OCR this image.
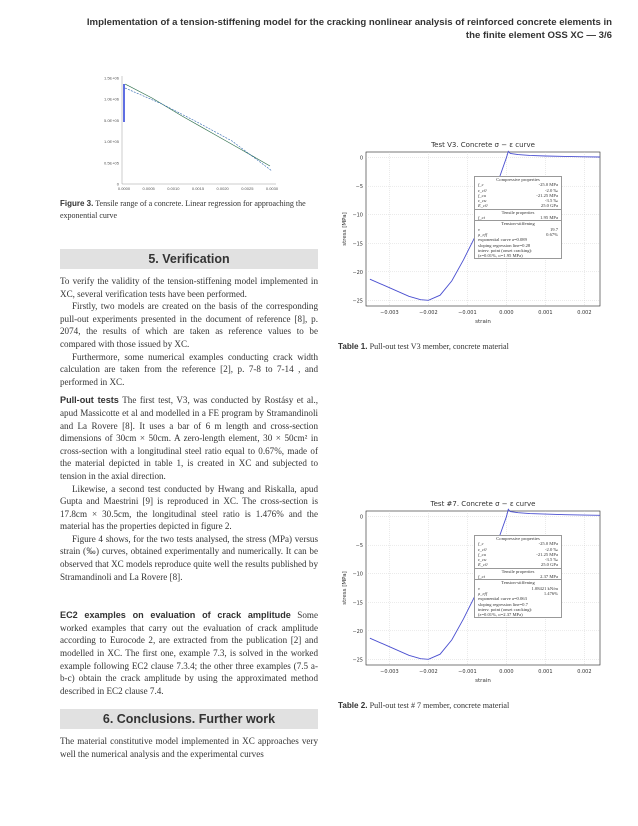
Implementation of a tension-stiffening model for the cracking nonlinear analysis of reinforced concrete elements in
the finite element OSS XC — 3/6
1.5E+06
1.0E+06
5.0E+05
1.0E+05
0.5E+05
0
0.0000	0.0005	0.0010	0.0015	0.0020	0.0025	0.0030
Figure 3. Tensile range of a concrete. Linear regression for approaching the exponential curve
5. Verification

To verify the validity of the tension-stiffening model implemented in XC, several verification tests have been performed.

Firstly, two models are created on the basis of the corresponding pull-out experiments presented in the document of reference [8], p. 2074, the results of which are taken as reference values to be compared with those issued by XC.

Furthermore, some numerical examples conducting crack width calculation are taken from the reference [2], p. 7-8 to 7-14 , and performed in XC.

Pull-out tests The first test, V3, was conducted by Rostásy et al., apud Massicotte et al and modelled in a FE program by Stramandinoli and La Rovere [8]. It uses a bar of 6 m length and cross-section dimensions of 30cm × 50cm. A zero-length element, 30 × 50cm² in cross-section with a longitudinal steel ratio equal to 0.67%, made of the material depicted in table 1, is created in XC and subjected to tension in the axial direction.

Likewise, a second test conducted by Hwang and Riskalla, apud Gupta and Maestrini [9] is reproduced in XC. The cross-section is 17.8cm × 30.5cm, the longitudinal steel ratio is 1.476% and the material has the properties depicted in figure 2.

Figure 4 shows, for the two tests analysed, the stress (MPa) versus strain (‰) curves, obtained experimentally and numerically. It can be observed that XC models reproduce quite well the results published by Stramandinoli and La Rovere [8].

EC2 examples on evaluation of crack amplitude Some worked examples that carry out the evaluation of crack amplitude according to Eurocode 2, are extracted from the publication [2] and modelled in XC. The first one, example 7.3, is solved in the worked example following EC2 clause 7.3.4; the other three examples (7.5 a-b-c) obtain the crack amplitude by using the approximated method described in EC2 clause 7.4.

6. Conclusions. Further work

The material constitutive model implemented in XC approaches very well the numerical analysis and the experimental curves

Test V3. Concrete σ − ε curve
−0.003	−0.002	−0.001	0.000	0.001	0.002
0
−5
−10
−15
−20
−25
strain
stress [MPa]
Compressive properties
f_c	-25.0 MPa
ε_c0	-2.0 ‰
f_cu	-21.25 MPa
ε_cu	-3.5 ‰
E_c0	25.0 GPa
Tensile properties
f_ct	1.95 MPa
Tension-stiffening
ν	19.7
ρ_eff	0.67%
exponential curve a=0.089
sloping regression line=0.28
interv. point (onset cracking):
(ε=0.01%, σ=1.95 MPa)
Table 1. Pull-out test V3 member, concrete material
Test #7. Concrete σ − ε curve
−0.003	−0.002	−0.001	0.000	0.001	0.002
0
−5
−10
−15
−20
−25
strain
stress [MPa]
Compressive properties
f_c	-25.0 MPa
ε_c0	-2.0 ‰
f_cu	-21.25 MPa
ε_cu	-3.5 ‰
E_c0	25.0 GPa
Tensile properties
f_ct	2.37 MPa
Tension-stiffening
ν	1.08421 kN/m
ρ_eff	1.476%
exponential curve a=0.063
sloping regression line=0.7
interv. point (onset cracking):
(ε=0.01%, σ=2.37 MPa)
Table 2. Pull-out test # 7 member, concrete material
